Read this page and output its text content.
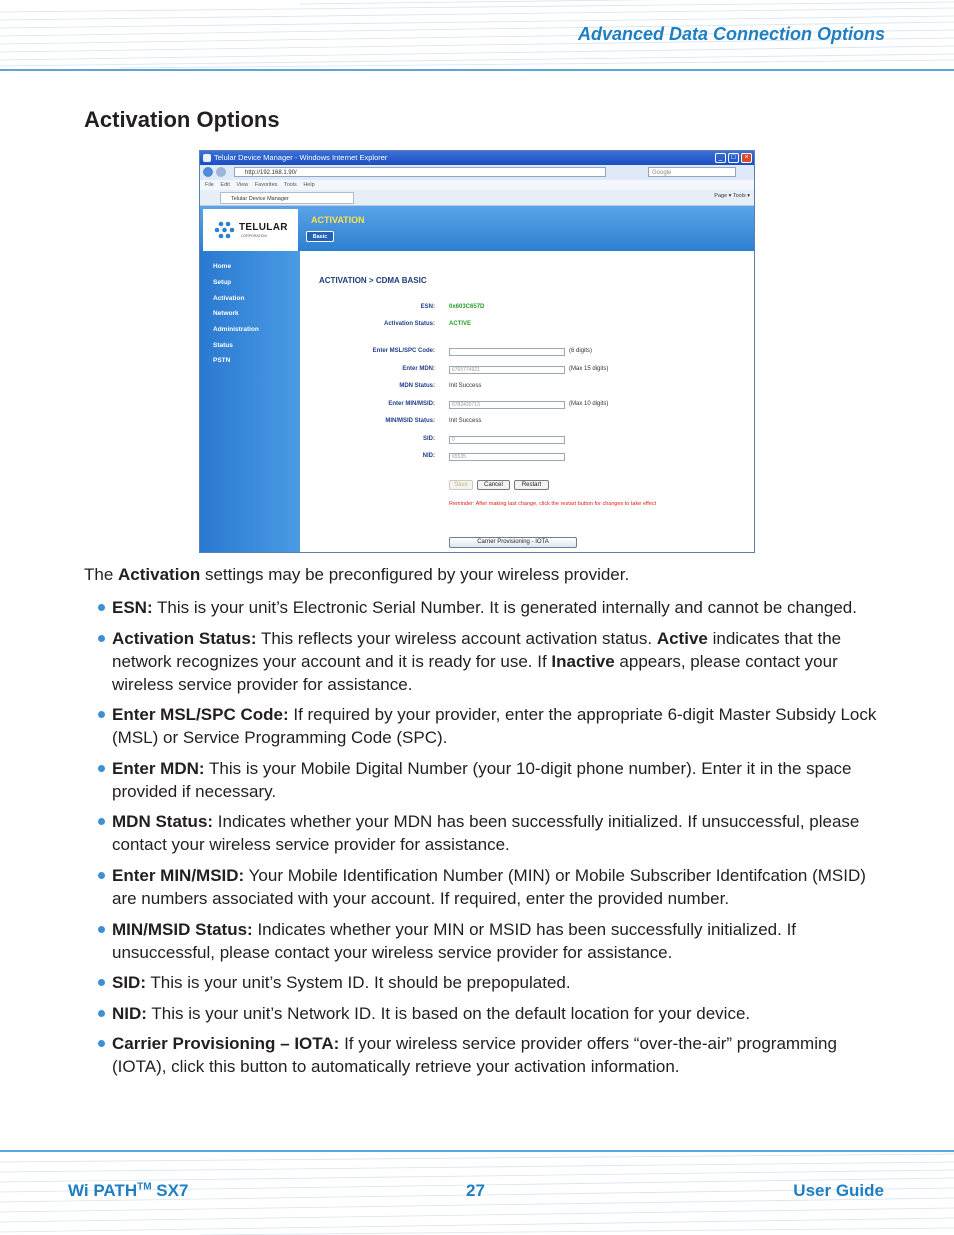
Advanced Data Connection Options
Activation Options
Telular Device Manager - Windows Internet Explorer	_	□	×
http://192.168.1.90/	Google
File Edit View Favorites Tools Help
Telular Device Manager	Page ▾ Tools ▾
TELULAR
CORPORATION
ACTIVATION
Basic
Home
Setup
Activation
Network
Administration
Status
PSTN
ACTIVATION > CDMA BASIC
ESN: 0x603C657D
Activation Status: ACTIVE
Enter MSL/SPC Code:	(6 digits)
Enter MDN:	6765774921	(Max 15 digits)
MDN Status: Init Success
Enter MIN/MSID:	6782420713	(Max 10 digits)
MIN/MSID Status: Init Success
SID:	0
NID:	65535
Save	Cancel	Restart
Reminder: After making last change, click the restart button for changes to take effect
Carrier Provisioning - IOTA
The Activation settings may be preconfigured by your wireless provider.
ESN: This is your unit’s Electronic Serial Number. It is generated internally and cannot be changed.
Activation Status: This reflects your wireless account activation status. Active indicates that the network recognizes your account and it is ready for use. If Inactive appears, please contact your wireless service provider for assistance.
Enter MSL/SPC Code: If required by your provider, enter the appropriate 6-digit Master Subsidy Lock (MSL) or Service Programming Code (SPC).
Enter MDN: This is your Mobile Digital Number (your 10-digit phone number). Enter it in the space provided if necessary.
MDN Status: Indicates whether your MDN has been successfully initialized. If unsuccessful, please contact your wireless service provider for assistance.
Enter MIN/MSID: Your Mobile Identification Number (MIN) or Mobile Subscriber Identifcation (MSID) are numbers associated with your account. If required, enter the provided number.
MIN/MSID Status: Indicates whether your MIN or MSID has been successfully initialized. If unsuccessful, please contact your wireless service provider for assistance.
SID: This is your unit’s System ID. It should be prepopulated.
NID: This is your unit’s Network ID. It is based on the default location for your device.
Carrier Provisioning – IOTA: If your wireless service provider offers “over-the-air” programming (IOTA), click this button to automatically retrieve your activation information.
Wi PATH™ SX7	27	User Guide
